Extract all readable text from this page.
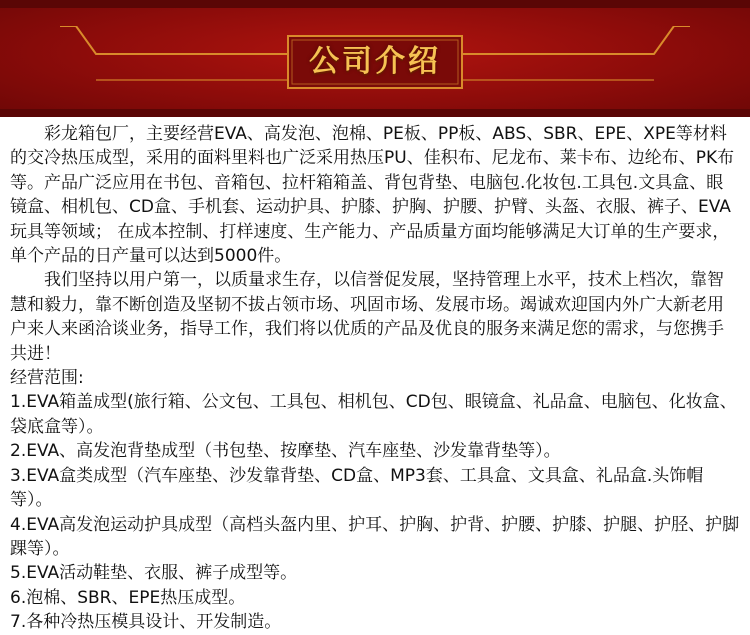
公司介绍

彩龙箱包厂，主要经营EVA、高发泡、泡棉、PE板、PP板、ABS、SBR、EPE、XPE等材料的交冷热压成型，采用的面料里料也广泛采用热压PU、佳积布、尼龙布、莱卡布、边纶布、PK布等。产品广泛应用在书包、音箱包、拉杆箱箱盖、背包背垫、电脑包.化妆包.工具包.文具盒、眼镜盒、相机包、CD盒、手机套、运动护具、护膝、护胸、护腰、护臂、头盔、衣服、裤子、EVA玩具等领域； 在成本控制、打样速度、生产能力、产品质量方面均能够满足大订单的生产要求，单个产品的日产量可以达到5000件。

我们坚持以用户第一，以质量求生存，以信誉促发展，坚持管理上水平，技术上档次，靠智慧和毅力，靠不断创造及坚韧不拔占领市场、巩固市场、发展市场。竭诚欢迎国内外广大新老用户来人来函洽谈业务，指导工作，我们将以优质的产品及优良的服务来满足您的需求，与您携手共进！

经营范围:

1.EVA箱盖成型(旅行箱、公文包、工具包、相机包、CD包、眼镜盒、礼品盒、电脑包、化妆盒、袋底盒等）。
2.EVA、高发泡背垫成型（书包垫、按摩垫、汽车座垫、沙发靠背垫等）。
3.EVA盒类成型（汽车座垫、沙发靠背垫、CD盒、MP3套、工具盒、文具盒、礼品盒.头饰帽等）。
4.EVA高发泡运动护具成型（高档头盔内里、护耳、护胸、护背、护腰、护膝、护腿、护胫、护脚踝等）。
5.EVA活动鞋垫、衣服、裤子成型等。
6.泡棉、SBR、EPE热压成型。
7.各种冷热压模具设计、开发制造。
